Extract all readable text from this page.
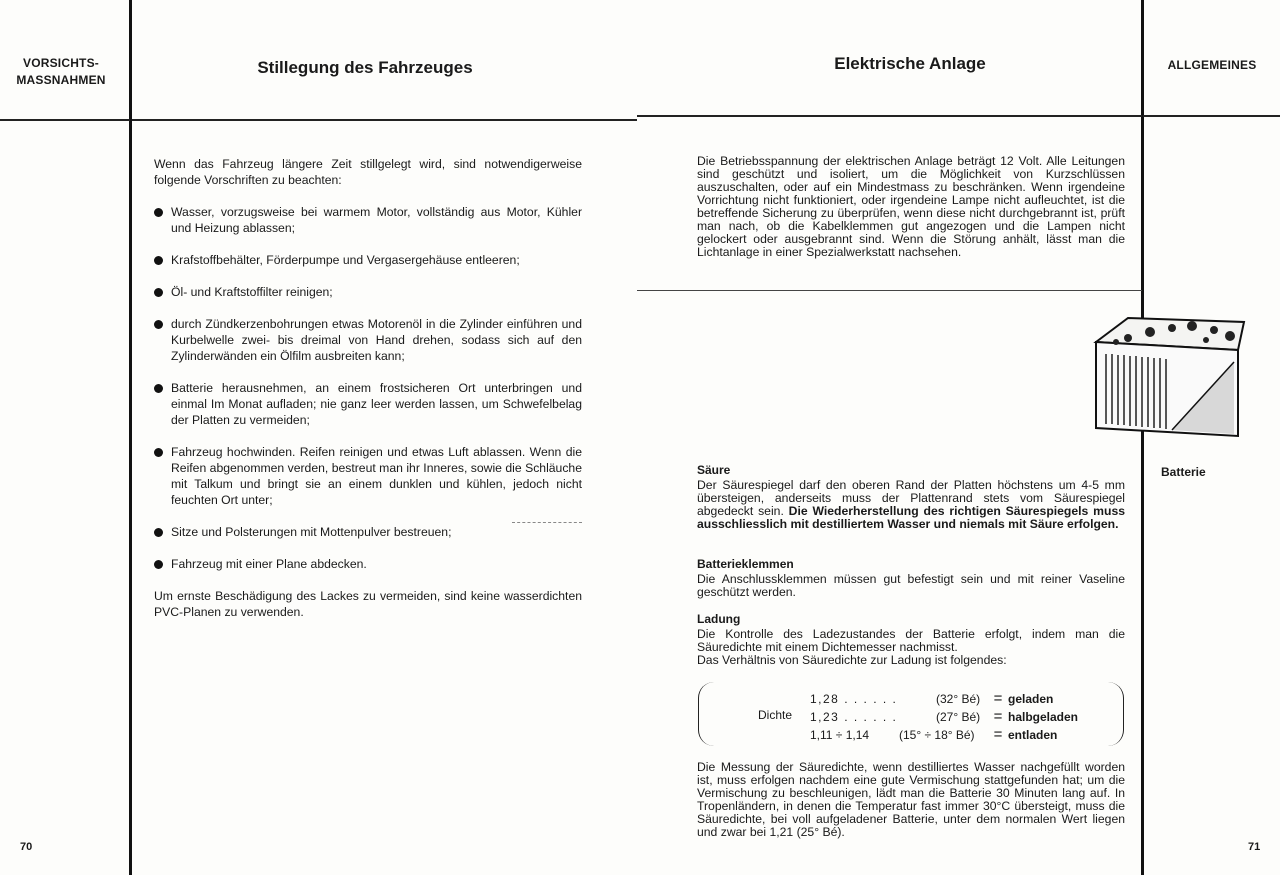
VORSICHTS-
MASSNAHMEN
Stillegung des Fahrzeuges

Wenn das Fahrzeug längere Zeit stillgelegt wird, sind notwendigerweise folgende Vorschriften zu beachten:

Wasser, vorzugsweise bei warmem Motor, vollständig aus Motor, Kühler und Heizung ablassen;
Krafstoffbehälter, Förderpumpe und Vergasergehäuse entleeren;
Öl- und Kraftstoffilter reinigen;
durch Zündkerzenbohrungen etwas Motorenöl in die Zylinder einführen und Kurbelwelle zwei- bis dreimal von Hand drehen, sodass sich auf den Zylinderwänden ein Ölfilm ausbreiten kann;
Batterie herausnehmen, an einem frostsicheren Ort unterbringen und einmal Im Monat aufladen; nie ganz leer werden lassen, um Schwefelbelag der Platten zu vermeiden;
Fahrzeug hochwinden. Reifen reinigen und etwas Luft ablassen. Wenn die Reifen abgenommen verden, bestreut man ihr Inneres, sowie die Schläuche mit Talkum und bringt sie an einem dunklen und kühlen, jedoch nicht feuchten Ort unter;
Sitze und Polsterungen mit Mottenpulver bestreuen;
Fahrzeug mit einer Plane abdecken.

Um ernste Beschädigung des Lackes zu vermeiden, sind keine wasserdichten PVC-Planen zu verwenden.

70
Elektrische Anlage	ALLGEMEINES
Die Betriebsspannung der elektrischen Anlage beträgt 12 Volt. Alle Leitungen sind geschützt und isoliert, um die Möglichkeit von Kurzschlüssen auszuschalten, oder auf ein Mindestmass zu beschränken. Wenn irgendeine Vorrichtung nicht funktioniert, oder irgendeine Lampe nicht aufleuchtet, ist die betreffende Sicherung zu überprüfen, wenn diese nicht durchgebrannt ist, prüft man nach, ob die Kabelklemmen gut angezogen und die Lampen nicht gelockert oder ausgebrannt sind. Wenn die Störung anhält, lässt man die Lichtanlage in einer Spezialwerkstatt nachsehen.
Batterie
Säure
Der Säurespiegel darf den oberen Rand der Platten höchstens um 4-5 mm übersteigen, anderseits muss der Plattenrand stets vom Säurespiegel abgedeckt sein. Die Wiederherstellung des richtigen Säurespiegels muss ausschliesslich mit destilliertem Wasser und niemals mit Säure erfolgen.
Batterieklemmen
Die Anschlussklemmen müssen gut befestigt sein und mit reiner Vaseline geschützt werden.
Ladung
Die Kontrolle des Ladezustandes der Batterie erfolgt, indem man die Säuredichte mit einem Dichtemesser nachmisst.
Das Verhältnis von Säuredichte zur Ladung ist folgendes:
Dichte
1,28 . . . . . .	(32° Bé) = geladen
1,23 . . . . . .	(27° Bé) = halbgeladen
1,11 ÷ 1,14 (15° ÷ 18° Bé) = entladen
Die Messung der Säuredichte, wenn destilliertes Wasser nachgefüllt worden ist, muss erfolgen nachdem eine gute Vermischung stattgefunden hat; um die Vermischung zu beschleunigen, lädt man die Batterie 30 Minuten lang auf. In Tropenländern, in denen die Temperatur fast immer 30°C übersteigt, muss die Säuredichte, bei voll aufgeladener Batterie, unter dem normalen Wert liegen und zwar bei 1,21 (25° Bé).
71
